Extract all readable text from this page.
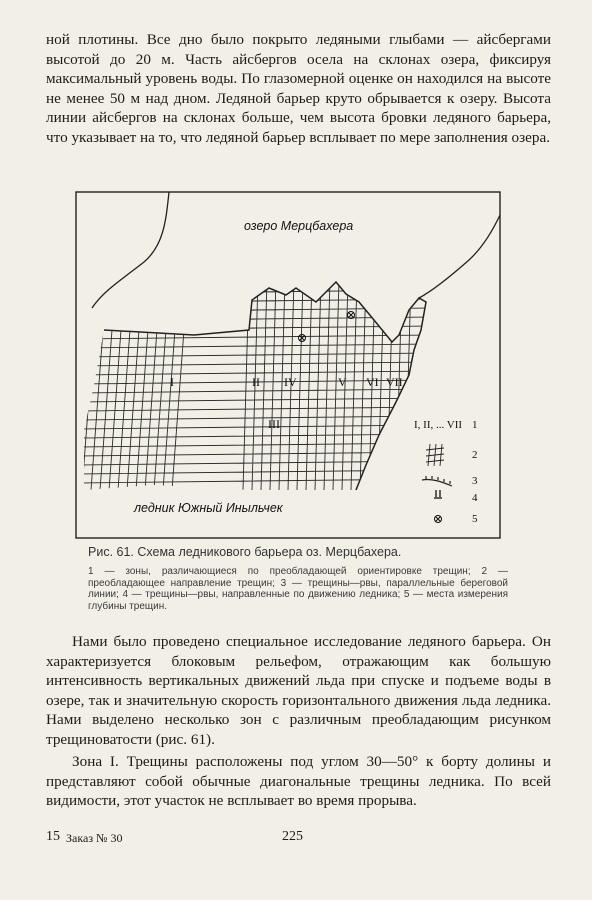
ной плотины. Все дно было покрыто ледяными глыбами — айсбергами высотой до 20 м. Часть айсбергов осела на склонах озера, фиксируя максимальный уровень воды. По глазомерной оценке он находился на высоте не менее 50 м над дном. Ледяной барьер круто обрывается к озеру. Высота линии айсбергов на склонах больше, чем высота бровки ледяного барьера, что указывает на то, что ледяной барьер всплывает по мере заполнения озера.

I	II
III
IV	V VI VII
озеро Мерцбахера
ледник Южный Иныльчек
I, II, ... VII 1
2
3
4
5
Рис. 61. Схема ледникового барьера оз. Мерцбахера.
1 — зоны, различающиеся по преобладающей ориентировке трещин; 2 — преобладающее направление трещин; 3 — трещины—рвы, параллельные береговой линии; 4 — трещины—рвы, направленные по движению ледника; 5 — места измерения глубины трещин.

Нами было проведено специальное исследование ледяного барьера. Он характеризуется блоковым рельефом, отражающим как большую интенсивность вертикальных движений льда при спуске и подъеме воды в озере, так и значительную скорость горизонтального движения льда ледника. Нами выделено несколько зон с различным преобладающим рисунком трещиноватости (рис. 61).

Зона I. Трещины расположены под углом 30—50° к борту долины и представляют собой обычные диагональные трещины ледника. По всей видимости, этот участок не всплывает во время прорыва.

15 Заказ № 30	225
